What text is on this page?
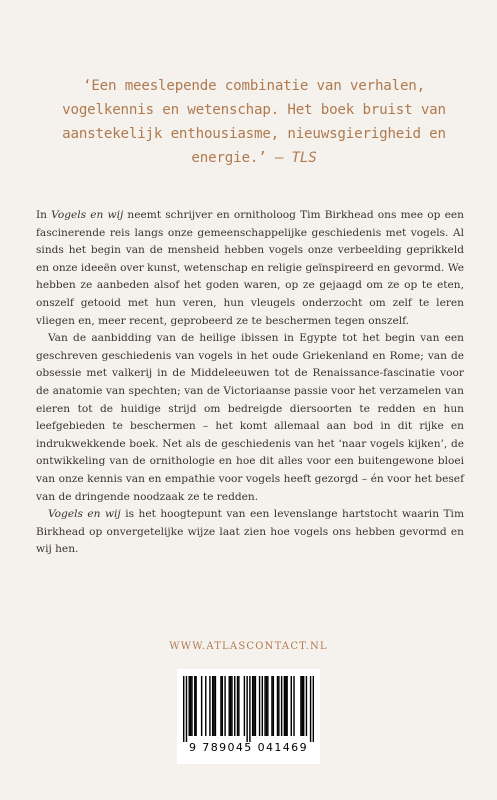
‘Een meeslepende combinatie van verhalen, vogelkennis en wetenschap. Het boek bruist van aanstekelijk enthousiasme, nieuwsgierigheid en energie.’ – TLS

In Vogels en wij neemt schrijver en ornitholoog Tim Birkhead ons mee op een fascinerende reis langs onze gemeenschappelijke geschiedenis met vogels. Al sinds het begin van de mensheid hebben vogels onze verbeelding geprikkeld en onze ideeën over kunst, wetenschap en religie geïnspireerd en gevormd. We hebben ze aanbeden alsof het goden waren, op ze gejaagd om ze op te eten, onszelf getooid met hun veren, hun vleugels onderzocht om zelf te leren vliegen en, meer recent, geprobeerd ze te beschermen tegen onszelf.

Van de aanbidding van de heilige ibissen in Egypte tot het begin van een geschreven geschiedenis van vogels in het oude Griekenland en Rome; van de obsessie met valkerij in de Middeleeuwen tot de Renaissance-fascinatie voor de anatomie van spechten; van de Victoriaanse passie voor het verzamelen van eieren tot de huidige strijd om bedreigde diersoorten te redden en hun leefgebieden te beschermen – het komt allemaal aan bod in dit rijke en indrukwekkende boek. Net als de geschiedenis van het ‘naar vogels kijken’, de ontwikkeling van de ornithologie en hoe dit alles voor een buitengewone bloei van onze kennis van en empathie voor vogels heeft gezorgd – én voor het besef van de dringende noodzaak ze te redden.

Vogels en wij is het hoogtepunt van een levenslange hartstocht waarin Tim Birkhead op onvergetelijke wijze laat zien hoe vogels ons hebben gevormd en wij hen.

WWW.ATLASCONTACT.NL
9 789045 041469
